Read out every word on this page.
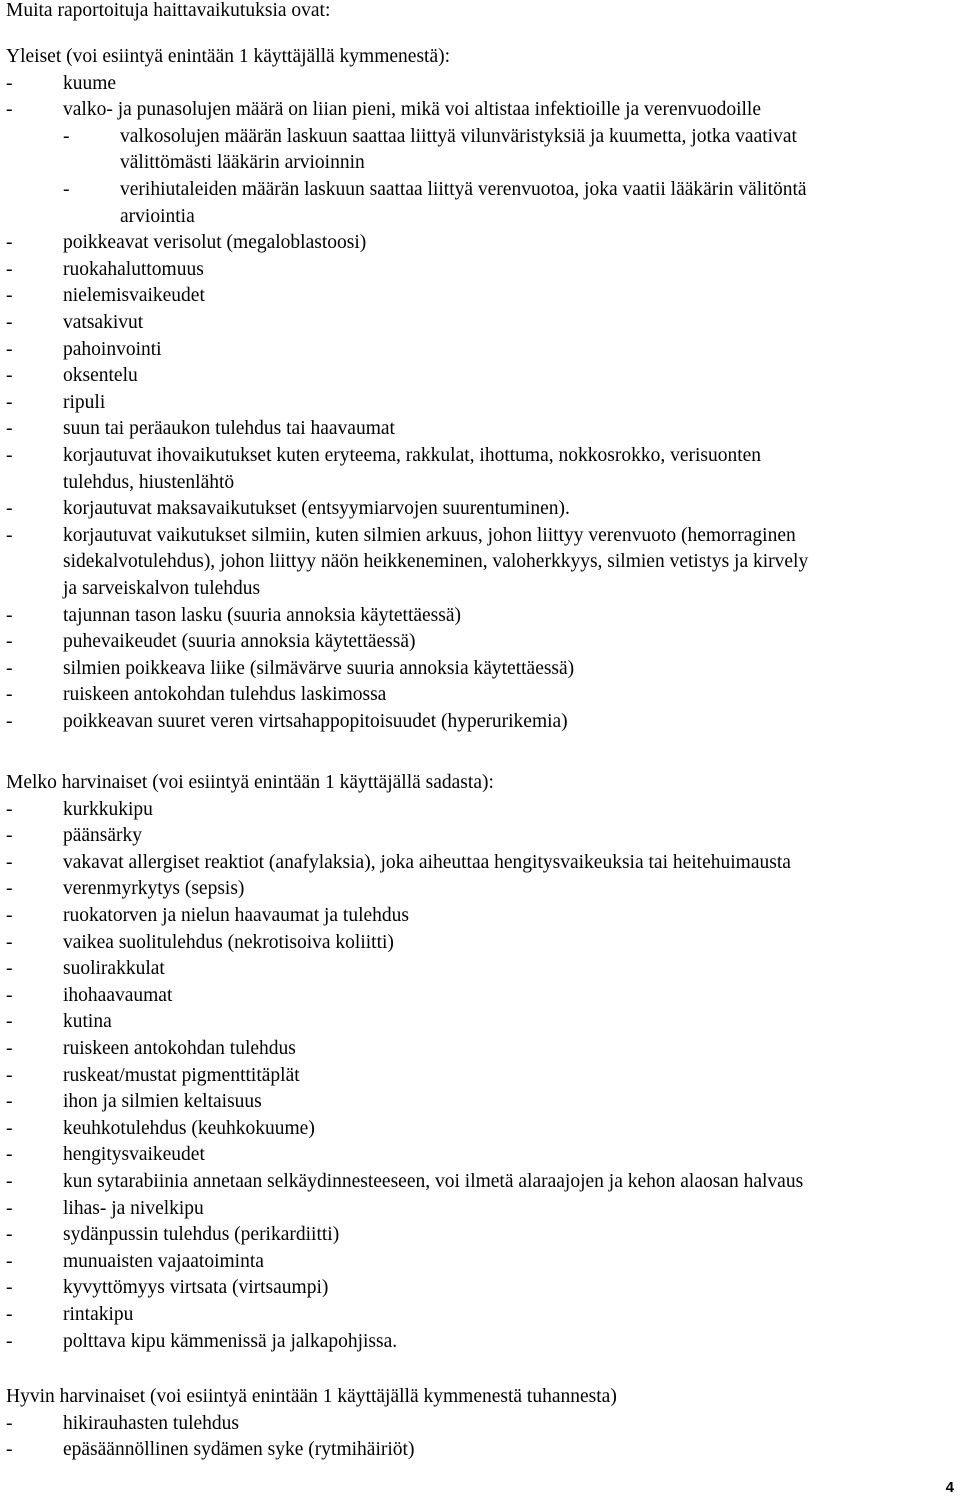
Muita raportoituja haittavaikutuksia ovat:
Yleiset (voi esiintyä enintään 1 käyttäjällä kymmenestä):
-	kuume
-	valko- ja punasolujen määrä on liian pieni, mikä voi altistaa infektioille ja verenvuodoille
-	valkosolujen määrän laskuun saattaa liittyä vilunväristyksiä ja kuumetta, jotka vaativat
välittömästi lääkärin arvioinnin
-	verihiutaleiden määrän laskuun saattaa liittyä verenvuotoa, joka vaatii lääkärin välitöntä
arviointia
-	poikkeavat verisolut (megaloblastoosi)
-	ruokahaluttomuus
-	nielemisvaikeudet
-	vatsakivut
-	pahoinvointi
-	oksentelu
-	ripuli
-	suun tai peräaukon tulehdus tai haavaumat
-	korjautuvat ihovaikutukset kuten eryteema, rakkulat, ihottuma, nokkosrokko, verisuonten
tulehdus, hiustenlähtö
-	korjautuvat maksavaikutukset (entsyymiarvojen suurentuminen).
-	korjautuvat vaikutukset silmiin, kuten silmien arkuus, johon liittyy verenvuoto (hemorraginen
sidekalvotulehdus), johon liittyy näön heikkeneminen, valoherkkyys, silmien vetistys ja kirvely
ja sarveiskalvon tulehdus
-	tajunnan tason lasku (suuria annoksia käytettäessä)
-	puhevaikeudet (suuria annoksia käytettäessä)
-	silmien poikkeava liike (silmävärve suuria annoksia käytettäessä)
-	ruiskeen antokohdan tulehdus laskimossa
-	poikkeavan suuret veren virtsahappopitoisuudet (hyperurikemia)
Melko harvinaiset (voi esiintyä enintään 1 käyttäjällä sadasta):
-	kurkkukipu
-	päänsärky
-	vakavat allergiset reaktiot (anafylaksia), joka aiheuttaa hengitysvaikeuksia tai heitehuimausta
-	verenmyrkytys (sepsis)
-	ruokatorven ja nielun haavaumat ja tulehdus
-	vaikea suolitulehdus (nekrotisoiva koliitti)
-	suolirakkulat
-	ihohaavaumat
-	kutina
-	ruiskeen antokohdan tulehdus
-	ruskeat/mustat pigmenttitäplät
-	ihon ja silmien keltaisuus
-	keuhkotulehdus (keuhkokuume)
-	hengitysvaikeudet
-	kun sytarabiinia annetaan selkäydinnesteeseen, voi ilmetä alaraajojen ja kehon alaosan halvaus
-	lihas- ja nivelkipu
-	sydänpussin tulehdus (perikardiitti)
-	munuaisten vajaatoiminta
-	kyvyttömyys virtsata (virtsaumpi)
-	rintakipu
-	polttava kipu kämmenissä ja jalkapohjissa.
Hyvin harvinaiset (voi esiintyä enintään 1 käyttäjällä kymmenestä tuhannesta)
-	hikirauhasten tulehdus
-	epäsäännöllinen sydämen syke (rytmihäiriöt)
4
